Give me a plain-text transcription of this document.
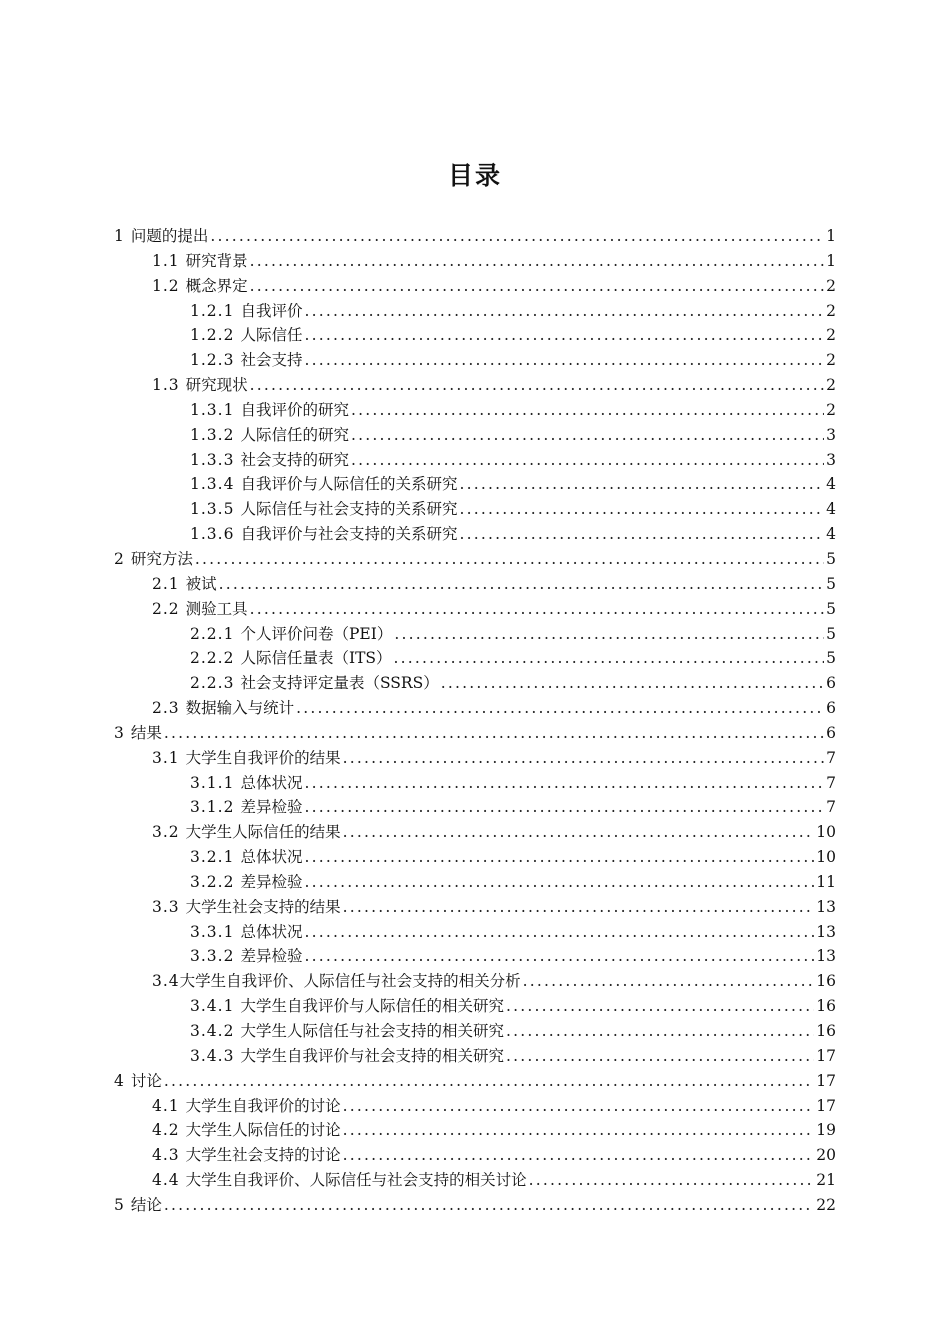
目录
1 问题的提出 .....	1
1.1 研究背景 .....	1
1.2 概念界定 .....	2
1.2.1 自我评价 .....	2
1.2.2 人际信任 .....	2
1.2.3 社会支持 .....	2
1.3 研究现状 .....	2
1.3.1 自我评价的研究 .....	2
1.3.2 人际信任的研究 .....	3
1.3.3 社会支持的研究 .....	3
1.3.4 自我评价与人际信任的关系研究 .....	4
1.3.5 人际信任与社会支持的关系研究 .....	4
1.3.6 自我评价与社会支持的关系研究 .....	4
2 研究方法 .....	5
2.1 被试 .....	5
2.2 测验工具 .....	5
2.2.1 个人评价问卷（PEI） .....	5
2.2.2 人际信任量表（ITS） .....	5
2.2.3 社会支持评定量表（SSRS） .....	6
2.3 数据输入与统计 .....	6
3 结果 .....	6
3.1 大学生自我评价的结果 .....	7
3.1.1 总体状况 .....	7
3.1.2 差异检验 .....	7
3.2 大学生人际信任的结果 .....	10
3.2.1 总体状况 .....	10
3.2.2 差异检验 .....	11
3.3 大学生社会支持的结果 .....	13
3.3.1 总体状况 .....	13
3.3.2 差异检验 .....	13
3.4 大学生自我评价、人际信任与社会支持的相关分析 .....	16
3.4.1 大学生自我评价与人际信任的相关研究 .....	16
3.4.2 大学生人际信任与社会支持的相关研究 .....	16
3.4.3 大学生自我评价与社会支持的相关研究 .....	17
4 讨论 .....	17
4.1 大学生自我评价的讨论 .....	17
4.2 大学生人际信任的讨论 .....	19
4.3 大学生社会支持的讨论 .....	20
4.4 大学生自我评价、人际信任与社会支持的相关讨论 .....	21
5 结论 .....	22
